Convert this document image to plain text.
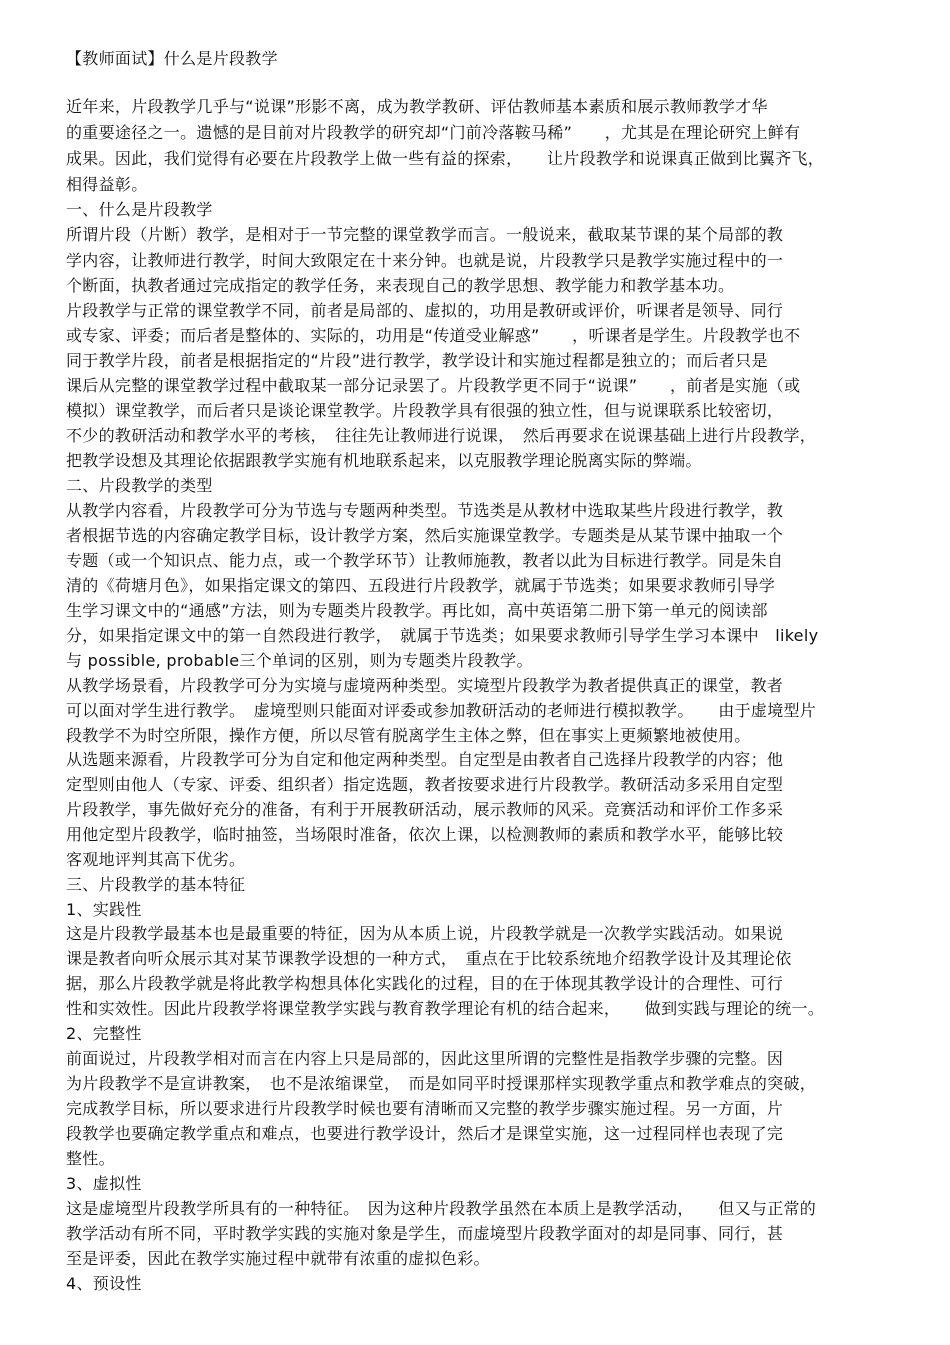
【教师面试】什么是片段教学
近年来，片段教学几乎与“说课”形影不离，成为教学教研、评估教师基本素质和展示教师教学才华
的重要途径之一。遗憾的是目前对片段教学的研究却“门前冷落鞍马稀”　　，尤其是在理论研究上鲜有
成果。因此，我们觉得有必要在片段教学上做一些有益的探索，　　让片段教学和说课真正做到比翼齐飞，
相得益彰。
一、什么是片段教学
所谓片段（片断）教学，是相对于一节完整的课堂教学而言。一般说来，截取某节课的某个局部的教
学内容，让教师进行教学，时间大致限定在十来分钟。也就是说，片段教学只是教学实施过程中的一
个断面，执教者通过完成指定的教学任务，来表现自己的教学思想、教学能力和教学基本功。
片段教学与正常的课堂教学不同，前者是局部的、虚拟的，功用是教研或评价，听课者是领导、同行
或专家、评委；而后者是整体的、实际的，功用是“传道受业解惑”　　，听课者是学生。片段教学也不
同于教学片段，前者是根据指定的“片段”进行教学，教学设计和实施过程都是独立的；而后者只是
课后从完整的课堂教学过程中截取某一部分记录罢了。片段教学更不同于“说课”　　，前者是实施（或
模拟）课堂教学，而后者只是谈论课堂教学。片段教学具有很强的独立性，但与说课联系比较密切，
不少的教研活动和教学水平的考核，　往往先让教师进行说课，　然后再要求在说课基础上进行片段教学，
把教学设想及其理论依据跟教学实施有机地联系起来，以克服教学理论脱离实际的弊端。
二、片段教学的类型
从教学内容看，片段教学可分为节选与专题两种类型。节选类是从教材中选取某些片段进行教学，教
者根据节选的内容确定教学目标，设计教学方案，然后实施课堂教学。专题类是从某节课中抽取一个
专题（或一个知识点、能力点，或一个教学环节）让教师施教，教者以此为目标进行教学。同是朱自
清的《荷塘月色》，如果指定课文的第四、五段进行片段教学，就属于节选类；如果要求教师引导学
生学习课文中的“通感”方法，则为专题类片段教学。再比如，高中英语第二册下第一单元的阅读部
分，如果指定课文中的第一自然段进行教学，　就属于节选类；如果要求教师引导学生学习本课中　likely
与 possible, probable三个单词的区别，则为专题类片段教学。
从教学场景看，片段教学可分为实境与虚境两种类型。实境型片段教学为教者提供真正的课堂，教者
可以面对学生进行教学。　虚境型则只能面对评委或参加教研活动的老师进行模拟教学。　　由于虚境型片
段教学不为时空所限，操作方便，所以尽管有脱离学生主体之弊，但在事实上更频繁地被使用。
从选题来源看，片段教学可分为自定和他定两种类型。自定型是由教者自己选择片段教学的内容；他
定型则由他人（专家、评委、组织者）指定选题，教者按要求进行片段教学。教研活动多采用自定型
片段教学，事先做好充分的准备，有利于开展教研活动，展示教师的风采。竞赛活动和评价工作多采
用他定型片段教学，临时抽签，当场限时准备，依次上课，以检测教师的素质和教学水平，能够比较
客观地评判其高下优劣。
三、片段教学的基本特征
1、实践性
这是片段教学最基本也是最重要的特征，因为从本质上说，片段教学就是一次教学实践活动。如果说
课是教者向听众展示其对某节课教学设想的一种方式，　重点在于比较系统地介绍教学设计及其理论依
据，那么片段教学就是将此教学构想具体化实践化的过程，目的在于体现其教学设计的合理性、可行
性和实效性。因此片段教学将课堂教学实践与教育教学理论有机的结合起来，　　做到实践与理论的统一。
2、完整性
前面说过，片段教学相对而言在内容上只是局部的，因此这里所谓的完整性是指教学步骤的完整。因
为片段教学不是宣讲教案，　也不是浓缩课堂，　而是如同平时授课那样实现教学重点和教学难点的突破，
完成教学目标，所以要求进行片段教学时候也要有清晰而又完整的教学步骤实施过程。另一方面，片
段教学也要确定教学重点和难点，也要进行教学设计，然后才是课堂实施，这一过程同样也表现了完
整性。
3、虚拟性
这是虚境型片段教学所具有的一种特征。　因为这种片段教学虽然在本质上是教学活动，　　但又与正常的
教学活动有所不同，平时教学实践的实施对象是学生，而虚境型片段教学面对的却是同事、同行，甚
至是评委，因此在教学实施过程中就带有浓重的虚拟色彩。
4、预设性
